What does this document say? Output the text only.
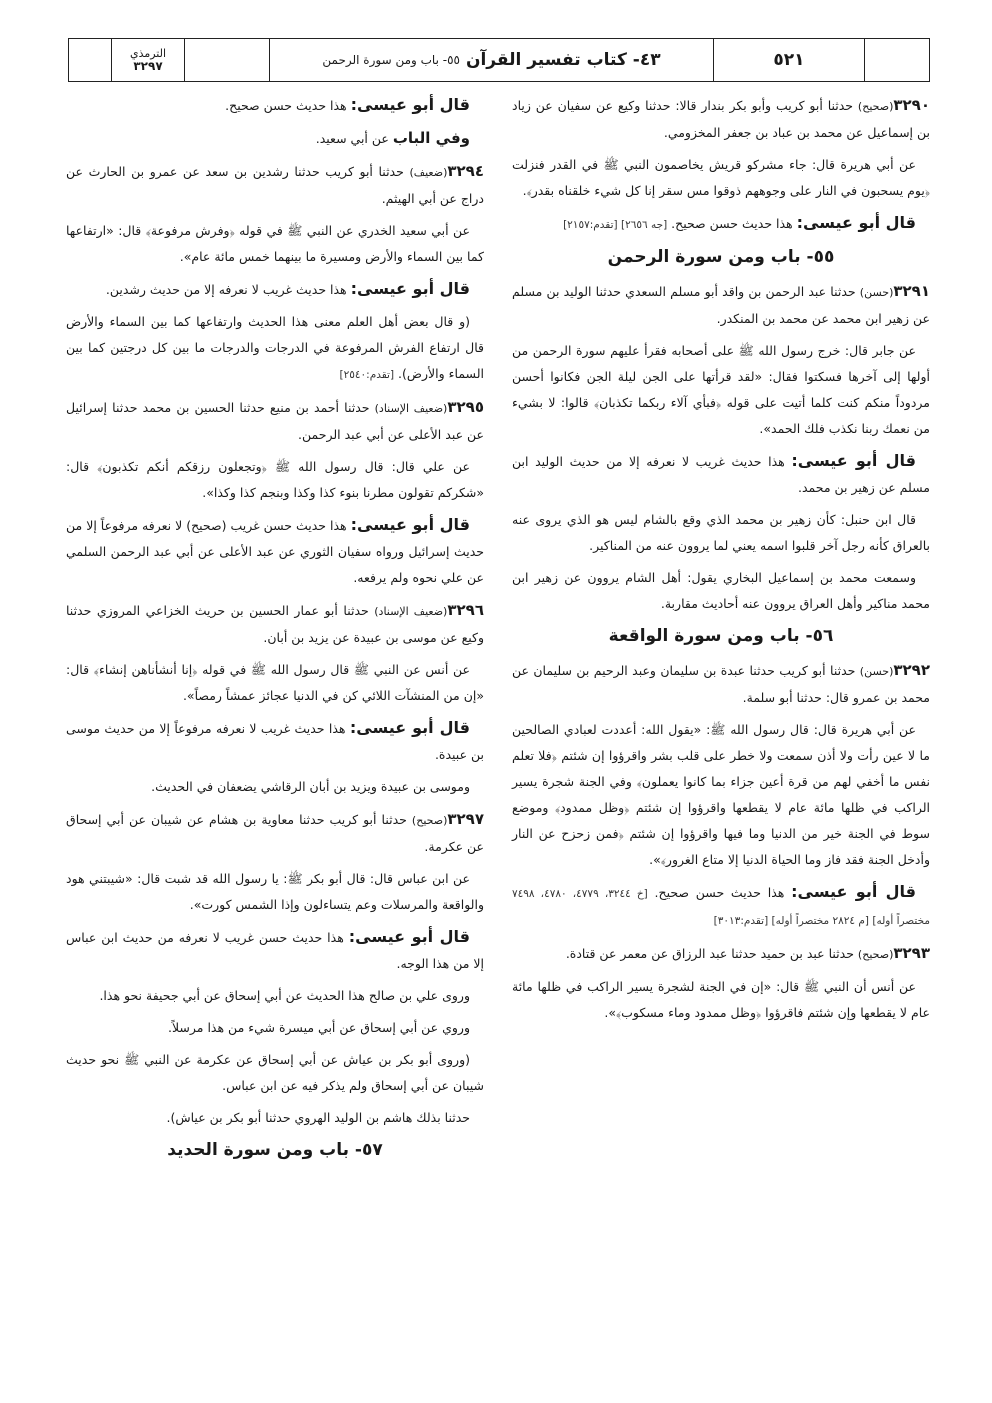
الترمذي
٣٢٩٧	٤٣- كتاب تفسير القرآن
٥٥- باب ومن سورة الرحمن	٥٢١

٣٢٩٠(صحيح) حدثنا أبو كريب وأبو بكر بندار قالا: حدثنا وكيع عن سفيان عن زياد بن إسماعيل عن محمد بن عباد بن جعفر المخزومي.

عن أبي هريرة قال: جاء مشركو قريش يخاصمون النبي ﷺ في القدر فنزلت ﴿يوم يسحبون في النار على وجوههم ذوقوا مس سقر إنا كل شيء خلقناه بقدر﴾.

قال أبو عيسى: هذا حديث حسن صحيح. [جه ٢٦٥٦] [تقدم:٢١٥٧]

٥٥- باب ومن سورة الرحمن

٣٢٩١(حسن) حدثنا عبد الرحمن بن واقد أبو مسلم السعدي حدثنا الوليد بن مسلم عن زهير ابن محمد عن محمد بن المنكدر.

عن جابر قال: خرج رسول الله ﷺ على أصحابه فقرأ عليهم سورة الرحمن من أولها إلى آخرها فسكتوا فقال: «لقد قرأتها على الجن ليلة الجن فكانوا أحسن مردوداً منكم كنت كلما أتيت على قوله ﴿فبأي آلاء ربكما تكذبان﴾ قالوا: لا بشيء من نعمك ربنا نكذب فلك الحمد».

قال أبو عيسى: هذا حديث غريب لا نعرفه إلا من حديث الوليد ابن مسلم عن زهير بن محمد.

قال ابن حنبل: كأن زهير بن محمد الذي وقع بالشام ليس هو الذي يروى عنه بالعراق كأنه رجل آخر قلبوا اسمه يعني لما يروون عنه من المناكير.

وسمعت محمد بن إسماعيل البخاري يقول: أهل الشام يروون عن زهير ابن محمد مناكير وأهل العراق يروون عنه أحاديث مقاربة.

٥٦- باب ومن سورة الواقعة

٣٢٩٢(حسن) حدثنا أبو كريب حدثنا عبدة بن سليمان وعبد الرحيم بن سليمان عن محمد بن عمرو قال: حدثنا أبو سلمة.

عن أبي هريرة قال: قال رسول الله ﷺ: «يقول الله: أعددت لعبادي الصالحين ما لا عين رأت ولا أذن سمعت ولا خطر على قلب بشر واقرؤوا إن شئتم ﴿فلا تعلم نفس ما أخفي لهم من قرة أعين جزاء بما كانوا يعملون﴾ وفي الجنة شجرة يسير الراكب في ظلها مائة عام لا يقطعها واقرؤوا إن شئتم ﴿وظل ممدود﴾ وموضع سوط في الجنة خير من الدنيا وما فيها واقرؤوا إن شئتم ﴿فمن زحزح عن النار وأدخل الجنة فقد فاز وما الحياة الدنيا إلا متاع الغرور﴾».

قال أبو عيسى: هذا حديث حسن صحيح. [خ ٣٢٤٤، ٤٧٧٩، ٤٧٨٠، ٧٤٩٨ مختصراً أوله] [م ٢٨٢٤ مختصراً أوله] [تقدم:٣٠١٣]

٣٢٩٣(صحيح) حدثنا عبد بن حميد حدثنا عبد الرزاق عن معمر عن قتادة.

عن أنس أن النبي ﷺ قال: «إن في الجنة لشجرة يسير الراكب في ظلها مائة عام لا يقطعها وإن شئتم فاقرؤوا ﴿وظل ممدود وماء مسكوب﴾».

قال أبو عيسى: هذا حديث حسن صحيح.

وفي الباب عن أبي سعيد.

٣٢٩٤(ضعيف) حدثنا أبو كريب حدثنا رشدين بن سعد عن عمرو بن الحارث عن دراج عن أبي الهيثم.

عن أبي سعيد الخدري عن النبي ﷺ في قوله ﴿وفرش مرفوعة﴾ قال: «ارتفاعها كما بين السماء والأرض ومسيرة ما بينهما خمس مائة عام».

قال أبو عيسى: هذا حديث غريب لا نعرفه إلا من حديث رشدين.

(و قال بعض أهل العلم معنى هذا الحديث وارتفاعها كما بين السماء والأرض قال ارتفاع الفرش المرفوعة في الدرجات والدرجات ما بين كل درجتين كما بين السماء والأرض). [تقدم:٢٥٤٠]

٣٢٩٥(ضعيف الإسناد) حدثنا أحمد بن منيع حدثنا الحسين بن محمد حدثنا إسرائيل عن عبد الأعلى عن أبي عبد الرحمن.

عن علي قال: قال رسول الله ﷺ ﴿وتجعلون رزقكم أنكم تكذبون﴾ قال: «شكركم تقولون مطرنا بنوء كذا وكذا وبنجم كذا وكذا».

قال أبو عيسى: هذا حديث حسن غريب (صحيح) لا نعرفه مرفوعاً إلا من حديث إسرائيل ورواه سفيان الثوري عن عبد الأعلى عن أبي عبد الرحمن السلمي عن علي نحوه ولم يرفعه.

٣٢٩٦(ضعيف الإسناد) حدثنا أبو عمار الحسين بن حريث الخزاعي المروزي حدثنا وكيع عن موسى بن عبيدة عن يزيد بن أبان.

عن أنس عن النبي ﷺ قال رسول الله ﷺ في قوله ﴿إنا أنشأناهن إنشاء﴾ قال: «إن من المنشآت اللائي كن في الدنيا عجائز عمشاً رمصاً».

قال أبو عيسى: هذا حديث غريب لا نعرفه مرفوعاً إلا من حديث موسى بن عبيدة.

وموسى بن عبيدة ويزيد بن أبان الرقاشي يضعفان في الحديث.

٣٢٩٧(صحيح) حدثنا أبو كريب حدثنا معاوية بن هشام عن شيبان عن أبي إسحاق عن عكرمة.

عن ابن عباس قال: قال أبو بكر ﷺ: يا رسول الله قد شبت قال: «شيبتني هود والواقعة والمرسلات وعم يتساءلون وإذا الشمس كورت».

قال أبو عيسى: هذا حديث حسن غريب لا نعرفه من حديث ابن عباس إلا من هذا الوجه.

وروى علي بن صالح هذا الحديث عن أبي إسحاق عن أبي جحيفة نحو هذا.

وروي عن أبي إسحاق عن أبي ميسرة شيء من هذا مرسلاً.

(وروى أبو بكر بن عياش عن أبي إسحاق عن عكرمة عن النبي ﷺ نحو حديث شيبان عن أبي إسحاق ولم يذكر فيه عن ابن عباس.

حدثنا بذلك هاشم بن الوليد الهروي حدثنا أبو بكر بن عياش).

٥٧- باب ومن سورة الحديد
